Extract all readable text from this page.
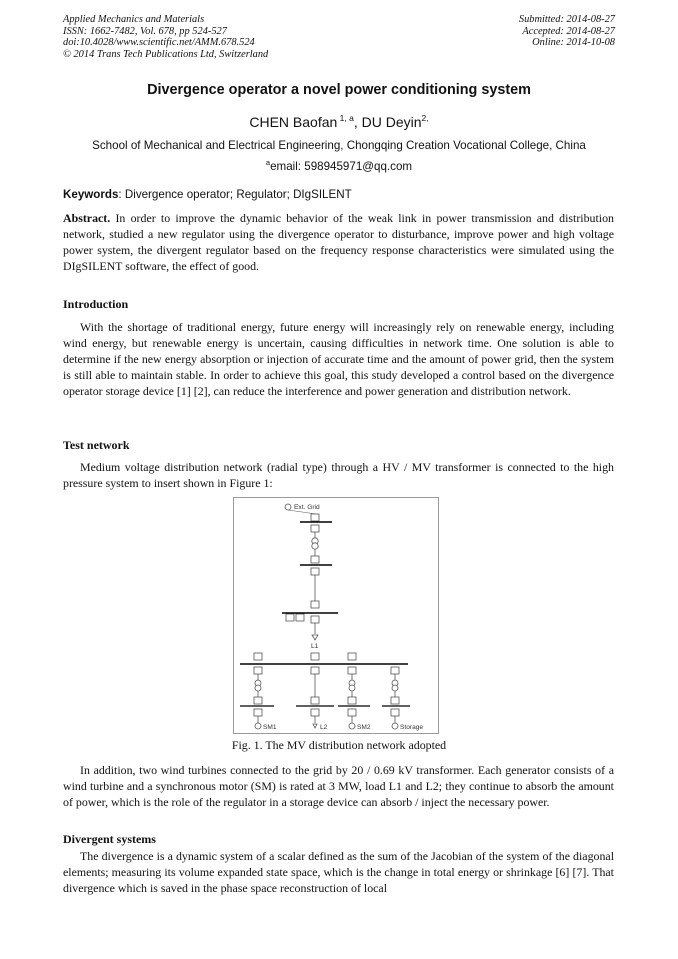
Applied Mechanics and Materials
ISSN: 1662-7482, Vol. 678, pp 524-527
doi:10.4028/www.scientific.net/AMM.678.524
© 2014 Trans Tech Publications Ltd, Switzerland
Submitted: 2014-08-27
Accepted: 2014-08-27
Online: 2014-10-08
Divergence operator a novel power conditioning system
CHEN Baofan $^{1, a}$, DU Deyin$^{2,}$
School of Mechanical and Electrical Engineering, Chongqing Creation Vocational College, China
$^a$email: 598945971@qq.com
Keywords: Divergence operator; Regulator; DIgSILENT

Abstract. In order to improve the dynamic behavior of the weak link in power transmission and distribution network, studied a new regulator using the divergence operator to disturbance, improve power and high voltage power system, the divergent regulator based on the frequency response characteristics were simulated using the DIgSILENT software, the effect of good.

Introduction

With the shortage of traditional energy, future energy will increasingly rely on renewable energy, including wind energy, but renewable energy is uncertain, causing difficulties in network time. One solution is able to determine if the new energy absorption or injection of accurate time and the amount of power grid, then the system is still able to maintain stable. In order to achieve this goal, this study developed a control based on the divergence operator storage device [1] [2], can reduce the interference and power generation and distribution network.

Test network

Medium voltage distribution network (radial type) through a HV / MV transformer is connected to the high pressure system to insert shown in Figure 1:

Ext. Grid
L1
SM1	L2	SM2	Storage
Fig. 1. The MV distribution network adopted

In addition, two wind turbines connected to the grid by 20 / 0.69 kV transformer. Each generator consists of a wind turbine and a synchronous motor (SM) is rated at 3 MW, load L1 and L2; they continue to absorb the amount of power, which is the role of the regulator in a storage device can absorb / inject the necessary power.

Divergent systems

The divergence is a dynamic system of a scalar defined as the sum of the Jacobian of the system of the diagonal elements; measuring its volume expanded state space, which is the change in total energy or shrinkage [6] [7]. That divergence which is saved in the phase space reconstruction of local
